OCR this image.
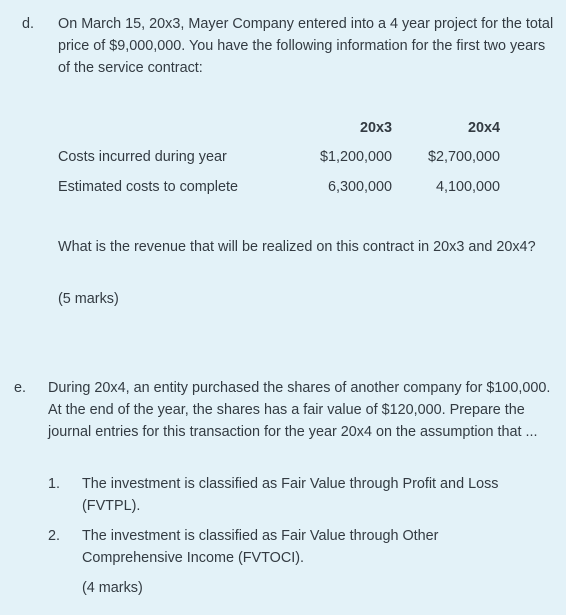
d. On March 15, 20x3, Mayer Company entered into a 4 year project for the total price of $9,000,000. You have the following information for the first two years of the service contract:
20x3	20x4
Costs incurred during year	$1,200,000 $2,700,000
Estimated costs to complete	6,300,000	4,100,000
What is the revenue that will be realized on this contract in 20x3 and 20x4?
(5 marks)
e. During 20x4, an entity purchased the shares of another company for $100,000. At the end of the year, the shares has a fair value of $120,000. Prepare the journal entries for this transaction for the year 20x4 on the assumption that ...
1.	The investment is classified as Fair Value through Profit and Loss (FVTPL).
2.	The investment is classified as Fair Value through Other Comprehensive Income (FVTOCI).
(4 marks)
